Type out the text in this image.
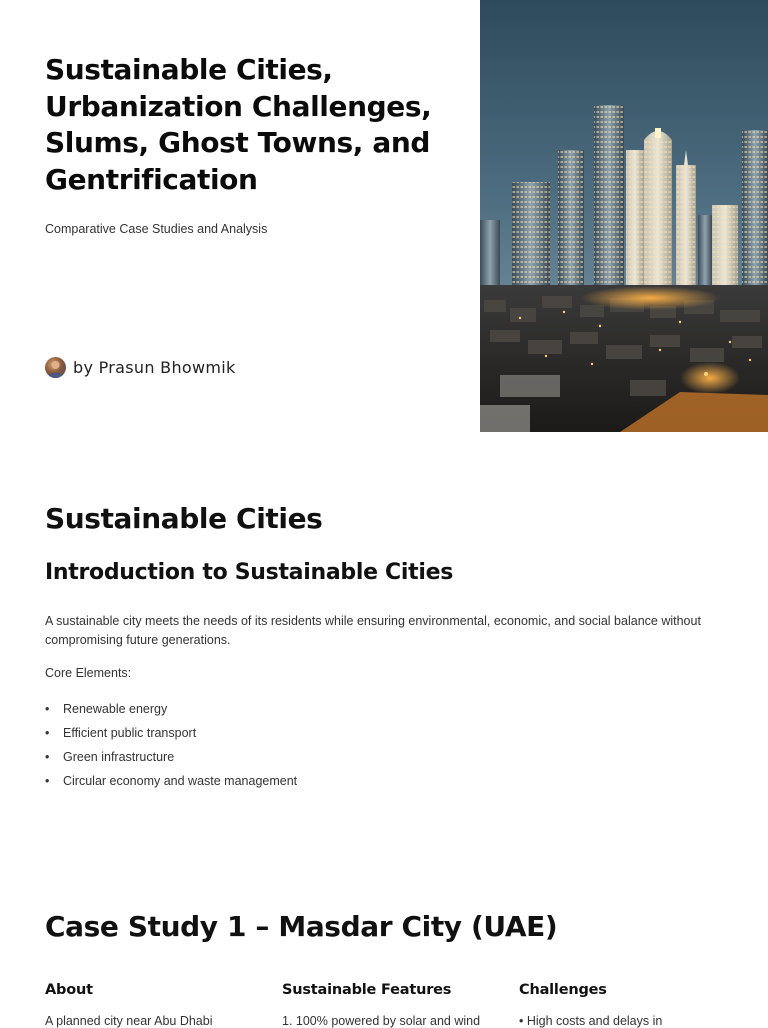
Sustainable Cities, Urbanization Challenges, Slums, Ghost Towns, and Gentrification

Comparative Case Studies and Analysis

by Prasun Bhowmik
Sustainable Cities
Introduction to Sustainable Cities

A sustainable city meets the needs of its residents while ensuring environmental, economic, and social balance without compromising future generations.

Core Elements:

• Renewable energy
• Efficient public transport
• Green infrastructure
• Circular economy and waste management
Case Study 1 – Masdar City (UAE)
About	Sustainable Features	Challenges

A planned city near Abu Dhabi	1. 100% powered by solar and wind	• High costs and delays in
